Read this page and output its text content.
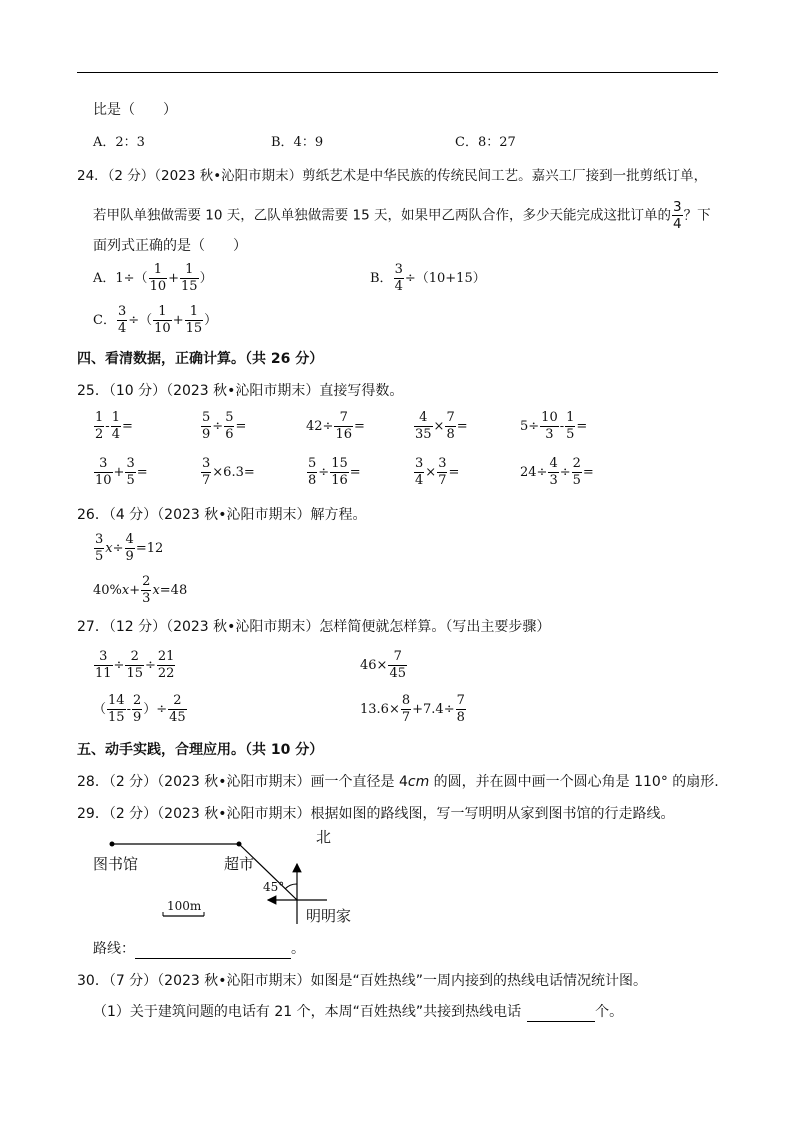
比是（　　）
A．2：3	B．4：9	C．8：27
24．（2 分）（2023 秋•沁阳市期末）剪纸艺术是中华民族的传统民间工艺。嘉兴工厂接到一批剪纸订单，
若甲队单独做需要 10 天，乙队单独做需要 15 天，如果甲乙两队合作，多少天能完成这批订单的 $\frac{3}{4}$ ？下
面列式正确的是（　　）
A．$1\div( \frac{1}{10} + \frac{1}{15}$ ）	B． $\frac{3}{4} \div(10+15)$
C． $\frac{3}{4}$ ÷（ $\frac{1}{10} + \frac{1}{15}$ ）
四、看清数据，正确计算。（共 26 分）
25．（10 分）（2023 秋•沁阳市期末）直接写得数。
$\frac{1}{2} - \frac{1}{4}$ =	$\frac{5}{9} \div \frac{5}{6}$ =	$42\div \frac{7}{16}$ =	$\frac{4}{35} \times \frac{7}{8}$ =	$5\div \frac{10}{3} - \frac{1}{5}$ =
$\frac{3}{10} + \frac{3}{5}$ =	$\frac{3}{7} \times 6.3=$	$\frac{5}{8} \div \frac{15}{16}$ =	$\frac{3}{4} \times \frac{3}{7}$ =	$24\div \frac{4}{3} \div \frac{2}{5}$ =
26．（4 分）（2023 秋•沁阳市期末）解方程。
$\frac{3}{5} x\div \frac{4}{9} =12$
$40\%x+ \frac{2}{3} x=48$
27．（12 分）（2023 秋•沁阳市期末）怎样简便就怎样算。（写出主要步骤）
$\frac{3}{11} \div \frac{2}{15} \div \frac{21}{22}$	$46\times \frac{7}{45}$
（ $\frac{14}{15} - \frac{2}{9}$ ）÷ $\frac{2}{45}$	$13.6\times \frac{8}{7} +7.4\div \frac{7}{8}$
五、动手实践，合理应用。（共 10 分）
28．（2 分）（2023 秋•沁阳市期末）画一个直径是 4cm 的圆，并在圆中画一个圆心角是 110° 的扇形.
29．（2 分）（2023 秋•沁阳市期末）根据如图的路线图，写一写明明从家到图书馆的行走路线。
北
图书馆	超市
45°
明明家
100m
路线：	。
30．（7 分）（2023 秋•沁阳市期末）如图是“百姓热线”一周内接到的热线电话情况统计图。
（1）关于建筑问题的电话有 21 个，本周“百姓热线”共接到热线电话	个。
